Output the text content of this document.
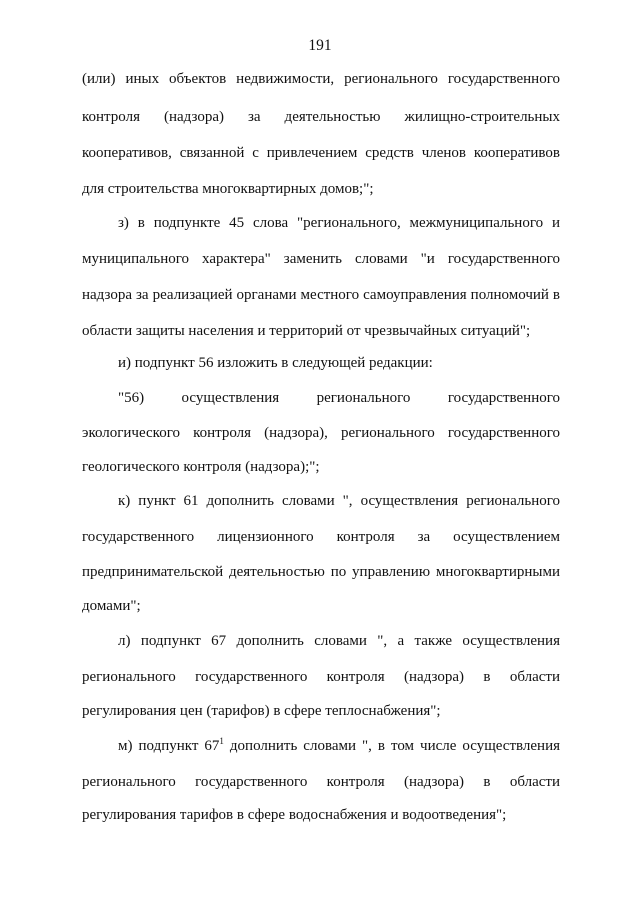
191
(или) иных объектов недвижимости, регионального государственного
контроля (надзора) за деятельностью жилищно-строительных
кооперативов, связанной с привлечением средств членов кооперативов
для строительства многоквартирных домов;";
з) в подпункте 45 слова "регионального, межмуниципального и
муниципального характера" заменить словами "и государственного
надзора за реализацией органами местного самоуправления полномочий в
области защиты населения и территорий от чрезвычайных ситуаций";
и) подпункт 56 изложить в следующей редакции:
"56) осуществления регионального государственного
экологического контроля (надзора), регионального государственного
геологического контроля (надзора);";
к) пункт 61 дополнить словами ", осуществления регионального
государственного лицензионного контроля за осуществлением
предпринимательской деятельностью по управлению многоквартирными
домами";
л) подпункт 67 дополнить словами ", а также осуществления
регионального государственного контроля (надзора) в области
регулирования цен (тарифов) в сфере теплоснабжения";
м) подпункт $67^1$ дополнить словами ", в том числе осуществления
регионального государственного контроля (надзора) в области
регулирования тарифов в сфере водоснабжения и водоотведения";
